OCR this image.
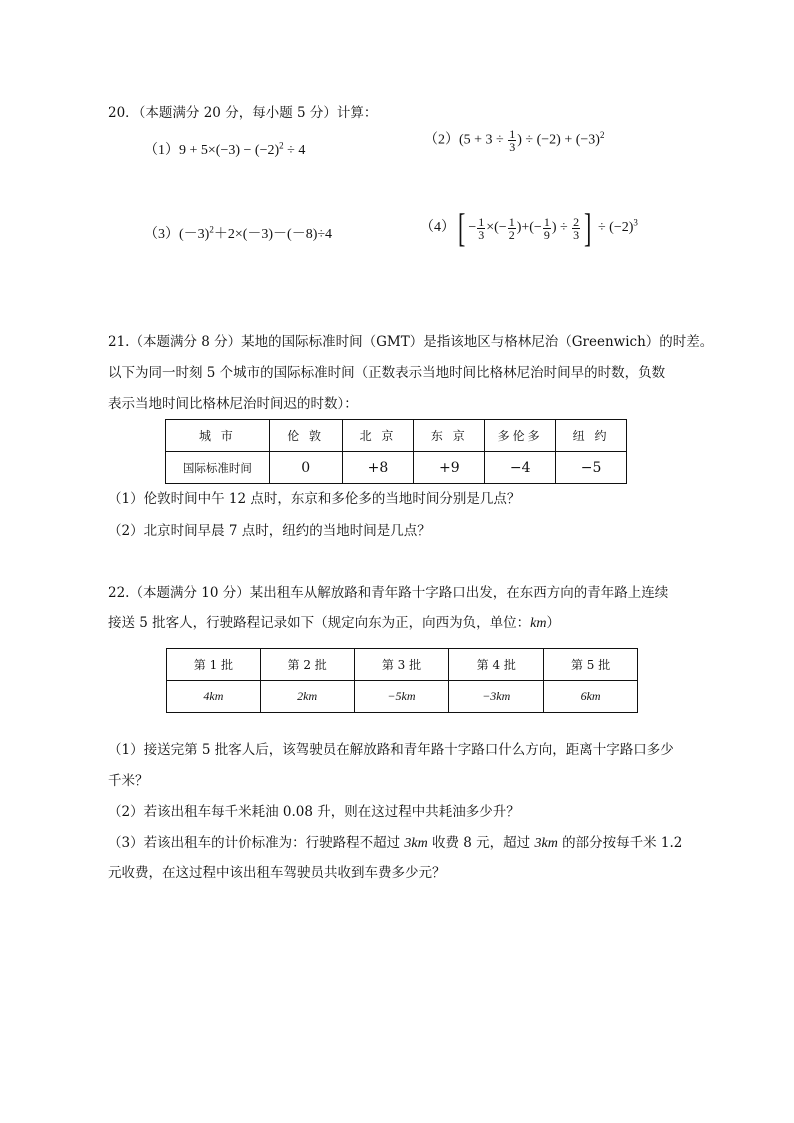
20．（本题满分 20 分，每小题 5 分）计算：
$(1)9 + 5\times(-3) - (-2)^2 \div 4$
$(2)(5 + 3 \div \frac{1}{3}$ ) ÷ $(-2) + (-3)^2$
$(3)(-3)^2+2\times(-3)-(-8)\div 4$	$(4)[ - \frac{1}{3}$ ×(− $\frac{1}{2}$ )+(− $\frac{1}{9}$ ) ÷ $\frac{2}{3}$ ] ÷ $(-2)^3$
21.（本题满分 8 分）某地的国际标准时间（GMT）是指该地区与格林尼治（Greenwich）的时差。
以下为同一时刻 5 个城市的国际标准时间（正数表示当地时间比格林尼治时间早的时数，负数
表示当地时间比格林尼治时间迟的时数）：
城 市	伦 敦	北 京	东 京	多伦多	纽 约
国际标准时间	0	+8	+9	−4	−5
（1）伦敦时间中午 12 点时，东京和多伦多的当地时间分别是几点？
（2）北京时间早晨 7 点时，纽约的当地时间是几点？
22.（本题满分 10 分）某出租车从解放路和青年路十字路口出发，在东西方向的青年路上连续
接送 5 批客人，行驶路程记录如下（规定向东为正，向西为负，单位：km）
第 1 批	第 2 批	第 3 批	第 4 批	第 5 批
4km	2km	−5km	−3km	6km
（1）接送完第 5 批客人后，该驾驶员在解放路和青年路十字路口什么方向，距离十字路口多少
千米？
（2）若该出租车每千米耗油 0.08 升，则在这过程中共耗油多少升？
（3）若该出租车的计价标准为：行驶路程不超过 3km 收费 8 元，超过 3km 的部分按每千米 1.2
元收费，在这过程中该出租车驾驶员共收到车费多少元？
